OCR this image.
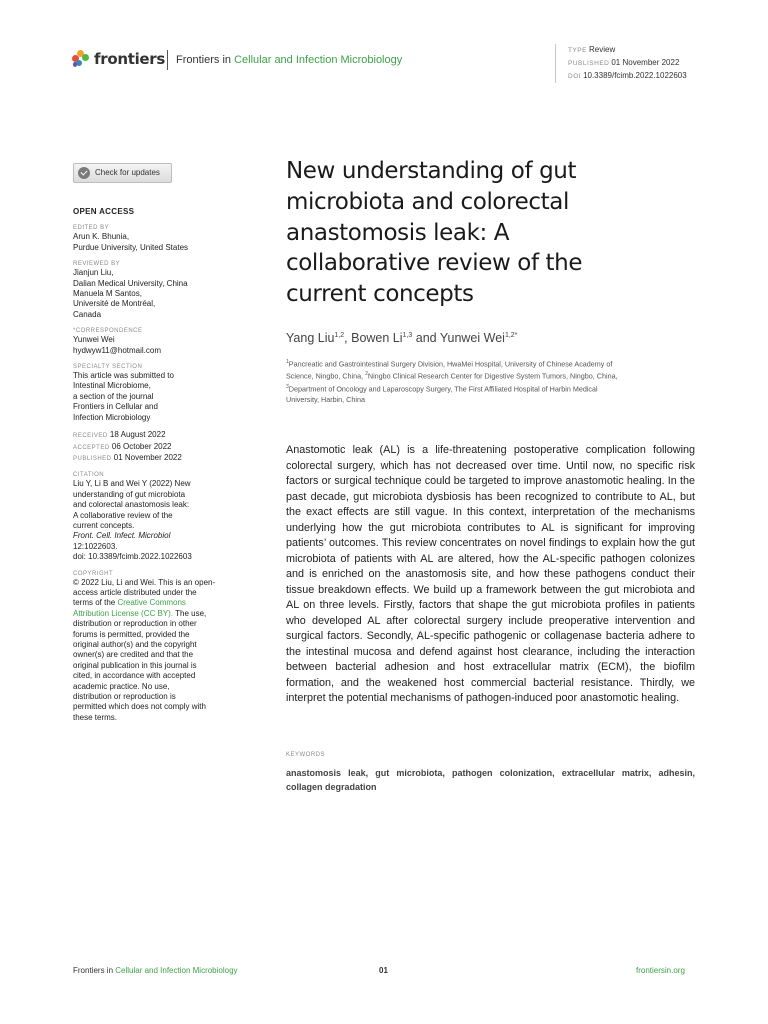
frontiers Frontiers in Cellular and Infection Microbiology
TYPE Review
PUBLISHED 01 November 2022
DOI 10.3389/fcimb.2022.1022603
Check for updates
OPEN ACCESS
EDITED BY
Arun K. Bhunia,
Purdue University, United States
REVIEWED BY
Jianjun Liu,
Dalian Medical University, China
Manuela M Santos,
Université de Montréal,
Canada
*CORRESPONDENCE
Yunwei Wei
hydwyw11@hotmail.com
SPECIALTY SECTION
This article was submitted to
Intestinal Microbiome,
a section of the journal
Frontiers in Cellular and
Infection Microbiology
RECEIVED 18 August 2022
ACCEPTED 06 October 2022
PUBLISHED 01 November 2022
CITATION
Liu Y, Li B and Wei Y (2022) New
understanding of gut microbiota
and colorectal anastomosis leak:
A collaborative review of the
current concepts.
Front. Cell. Infect. Microbiol
12:1022603.
doi: 10.3389/fcimb.2022.1022603
COPYRIGHT
© 2022 Liu, Li and Wei. This is an open-
access article distributed under the
terms of the Creative Commons
Attribution License (CC BY). The use,
distribution or reproduction in other
forums is permitted, provided the
original author(s) and the copyright
owner(s) are credited and that the
original publication in this journal is
cited, in accordance with accepted
academic practice. No use,
distribution or reproduction is
permitted which does not comply with
these terms.
New understanding of gut
microbiota and colorectal
anastomosis leak: A
collaborative review of the
current concepts
Yang Liu$^{1,2}$, Bowen Li$^{1,3}$ and Yunwei Wei$^{1,2*}$
$^1$Pancreatic and Gastrointestinal Surgery Division, HwaMei Hospital, University of Chinese Academy of
Science, Ningbo, China, $^2$Ningbo Clinical Research Center for Digestive System Tumors, Ningbo, China,
$^3$Department of Oncology and Laparoscopy Surgery, The First Affiliated Hospital of Harbin Medical
University, Harbin, China

Anastomotic leak (AL) is a life-threatening postoperative complication following colorectal surgery, which has not decreased over time. Until now, no specific risk factors or surgical technique could be targeted to improve anastomotic healing. In the past decade, gut microbiota dysbiosis has been recognized to contribute to AL, but the exact effects are still vague. In this context, interpretation of the mechanisms underlying how the gut microbiota contributes to AL is significant for improving patients’ outcomes. This review concentrates on novel findings to explain how the gut microbiota of patients with AL are altered, how the AL-specific pathogen colonizes and is enriched on the anastomosis site, and how these pathogens conduct their tissue breakdown effects. We build up a framework between the gut microbiota and AL on three levels. Firstly, factors that shape the gut microbiota profiles in patients who developed AL after colorectal surgery include preoperative intervention and surgical factors. Secondly, AL-specific pathogenic or collagenase bacteria adhere to the intestinal mucosa and defend against host clearance, including the interaction between bacterial adhesion and host extracellular matrix (ECM), the biofilm formation, and the weakened host commercial bacterial resistance. Thirdly, we interpret the potential mechanisms of pathogen-induced poor anastomotic healing.

KEYWORDS

anastomosis leak, gut microbiota, pathogen colonization, extracellular matrix, adhesin, collagen degradation

Frontiers in Cellular and Infection Microbiology	01	frontiersin.org
